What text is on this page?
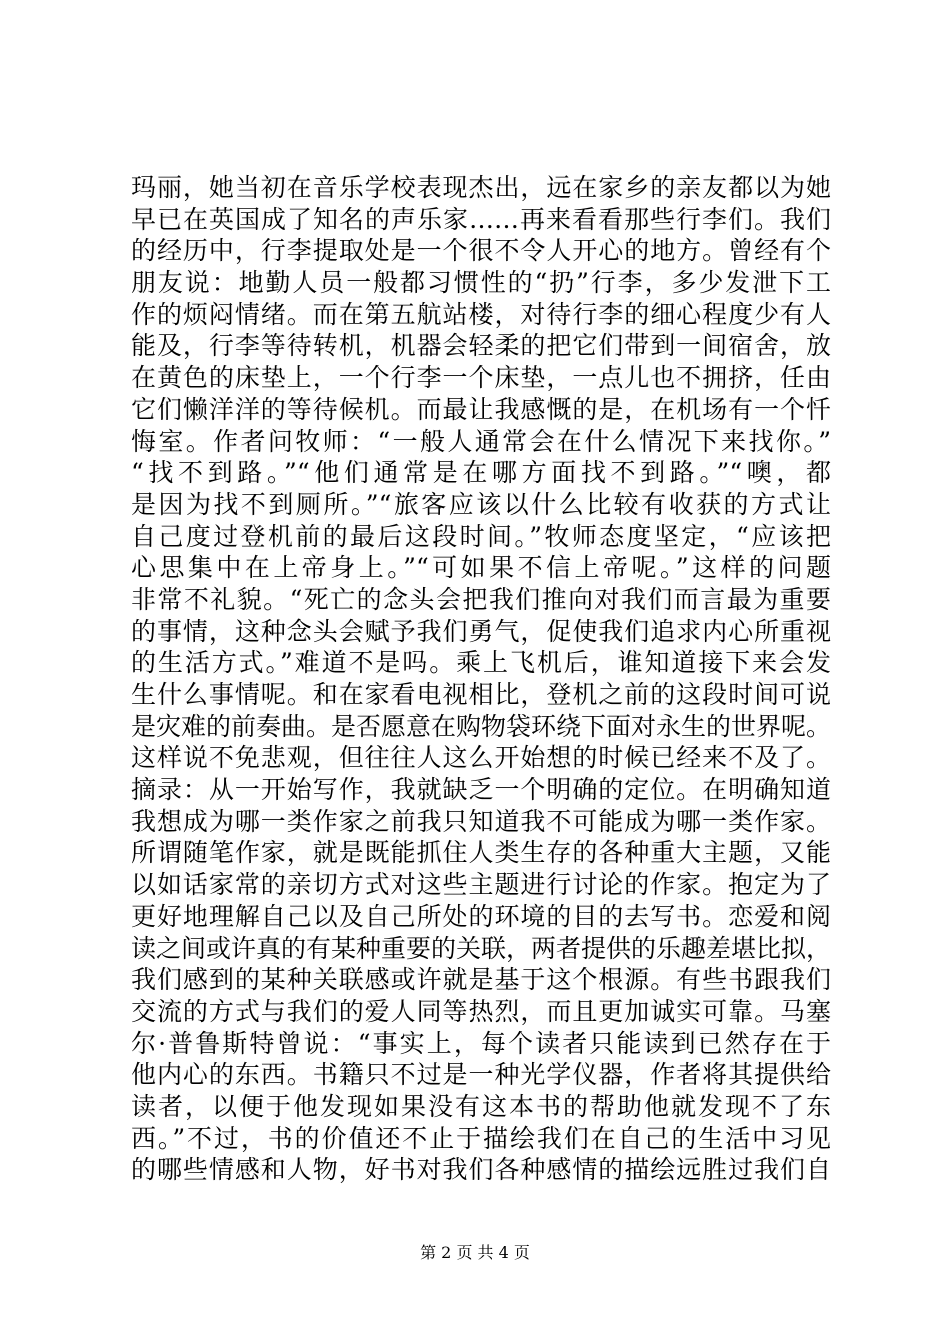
玛丽，她当初在音乐学校表现杰出，远在家乡的亲友都以为她
早已在英国成了知名的声乐家……再来看看那些行李们。我们
的经历中，行李提取处是一个很不令人开心的地方。曾经有个
朋友说：地勤人员一般都习惯性的“扔”行李，多少发泄下工
作的烦闷情绪。而在第五航站楼，对待行李的细心程度少有人
能及，行李等待转机，机器会轻柔的把它们带到一间宿舍，放
在黄色的床垫上，一个行李一个床垫，一点儿也不拥挤，任由
它们懒洋洋的等待候机。而最让我感慨的是，在机场有一个忏
悔室。作者问牧师：“一般人通常会在什么情况下来找你。”
“找不到路。”“他们通常是在哪方面找不到路。”“噢，都
是因为找不到厕所。”“旅客应该以什么比较有收获的方式让
自己度过登机前的最后这段时间。”牧师态度坚定，“应该把
心思集中在上帝身上。”“可如果不信上帝呢。”这样的问题
非常不礼貌。“死亡的念头会把我们推向对我们而言最为重要
的事情，这种念头会赋予我们勇气，促使我们追求内心所重视
的生活方式。”难道不是吗。乘上飞机后，谁知道接下来会发
生什么事情呢。和在家看电视相比，登机之前的这段时间可说
是灾难的前奏曲。是否愿意在购物袋环绕下面对永生的世界呢。
这样说不免悲观，但往往人这么开始想的时候已经来不及了。
摘录：从一开始写作，我就缺乏一个明确的定位。在明确知道
我想成为哪一类作家之前我只知道我不可能成为哪一类作家。
所谓随笔作家，就是既能抓住人类生存的各种重大主题，又能
以如话家常的亲切方式对这些主题进行讨论的作家。抱定为了
更好地理解自己以及自己所处的环境的目的去写书。恋爱和阅
读之间或许真的有某种重要的关联，两者提供的乐趣差堪比拟，
我们感到的某种关联感或许就是基于这个根源。有些书跟我们
交流的方式与我们的爱人同等热烈，而且更加诚实可靠。马塞
尔·普鲁斯特曾说：“事实上，每个读者只能读到已然存在于
他内心的东西。书籍只不过是一种光学仪器，作者将其提供给
读者，以便于他发现如果没有这本书的帮助他就发现不了东
西。”不过，书的价值还不止于描绘我们在自己的生活中习见
的哪些情感和人物，好书对我们各种感情的描绘远胜过我们自
第 2 页 共 4 页
